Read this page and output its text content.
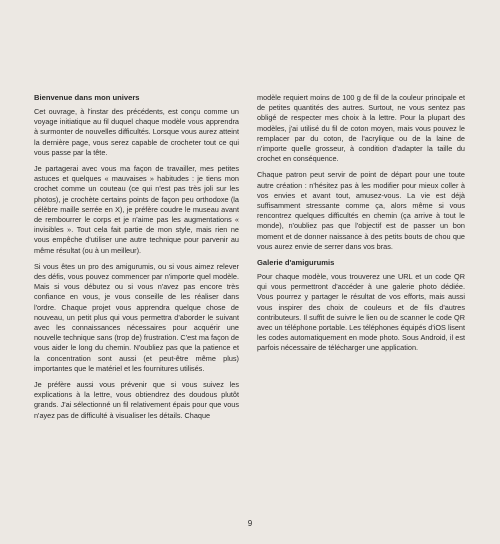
Bienvenue dans mon univers

Cet ouvrage, à l'instar des précédents, est conçu comme un voyage initiatique au fil duquel chaque modèle vous apprendra à surmonter de nouvelles difficultés. Lorsque vous aurez atteint la dernière page, vous serez capable de crocheter tout ce qui vous passe par la tête.

Je partagerai avec vous ma façon de travailler, mes petites astuces et quelques « mauvaises » habitudes : je tiens mon crochet comme un couteau (ce qui n'est pas très joli sur les photos), je crochète certains points de façon peu orthodoxe (la célèbre maille serrée en X), je préfère coudre le museau avant de rembourrer le corps et je n'aime pas les augmentations « invisibles ». Tout cela fait partie de mon style, mais rien ne vous empêche d'utiliser une autre technique pour parvenir au même résultat (ou à un meilleur).

Si vous êtes un pro des amigurumis, ou si vous aimez relever des défis, vous pouvez commencer par n'importe quel modèle. Mais si vous débutez ou si vous n'avez pas encore très confiance en vous, je vous conseille de les réaliser dans l'ordre. Chaque projet vous apprendra quelque chose de nouveau, un petit plus qui vous permettra d'aborder le suivant avec les connaissances nécessaires pour acquérir une nouvelle technique sans (trop de) frustration. C'est ma façon de vous aider le long du chemin. N'oubliez pas que la patience et la concentration sont aussi (et peut-être même plus) importantes que le matériel et les fournitures utilisés.

Je préfère aussi vous prévenir que si vous suivez les explications à la lettre, vous obtiendrez des doudous plutôt grands. J'ai sélectionné un fil relativement épais pour que vous n'ayez pas de difficulté à visualiser les détails. Chaque

modèle requiert moins de 100 g de fil de la couleur principale et de petites quantités des autres. Surtout, ne vous sentez pas obligé de respecter mes choix à la lettre. Pour la plupart des modèles, j'ai utilisé du fil de coton moyen, mais vous pouvez le remplacer par du coton, de l'acrylique ou de la laine de n'importe quelle grosseur, à condition d'adapter la taille du crochet en conséquence.

Chaque patron peut servir de point de départ pour une toute autre création : n'hésitez pas à les modifier pour mieux coller à vos envies et avant tout, amusez-vous. La vie est déjà suffisamment stressante comme ça, alors même si vous rencontrez quelques difficultés en chemin (ça arrive à tout le monde), n'oubliez pas que l'objectif est de passer un bon moment et de donner naissance à des petits bouts de chou que vous aurez envie de serrer dans vos bras.

Galerie d'amigurumis

Pour chaque modèle, vous trouverez une URL et un code QR qui vous permettront d'accéder à une galerie photo dédiée. Vous pourrez y partager le résultat de vos efforts, mais aussi vous inspirer des choix de couleurs et de fils d'autres contributeurs. Il suffit de suivre le lien ou de scanner le code QR avec un téléphone portable. Les téléphones équipés d'iOS lisent les codes automatiquement en mode photo. Sous Android, il est parfois nécessaire de télécharger une application.

9
